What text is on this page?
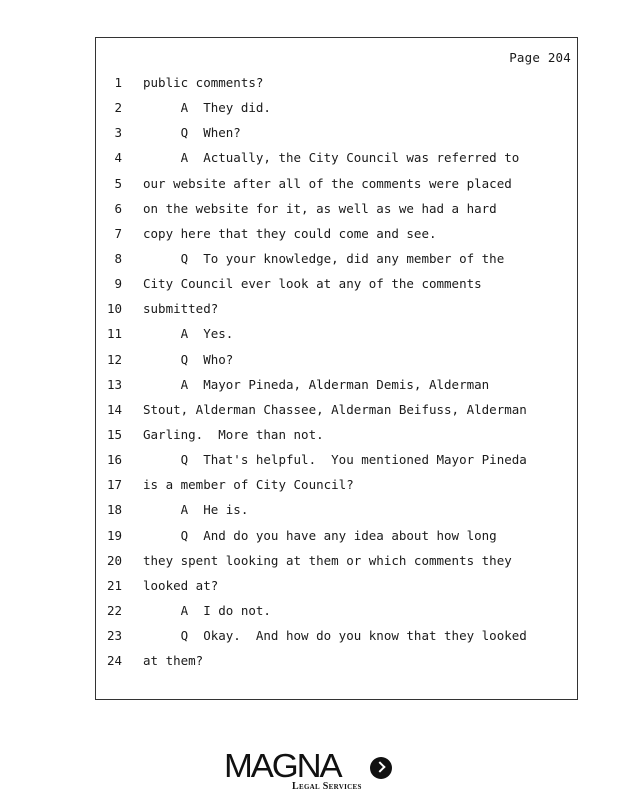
Page 204
1 public comments?
2 A  They did.
3 Q  When?
4 A  Actually, the City Council was referred to
5 our website after all of the comments were placed
6 on the website for it, as well as we had a hard
7 copy here that they could come and see.
8 Q  To your knowledge, did any member of the
9 City Council ever look at any of the comments
10 submitted?
11 A  Yes.
12 Q  Who?
13 A  Mayor Pineda, Alderman Demis, Alderman
14 Stout, Alderman Chassee, Alderman Beifuss, Alderman
15 Garling.  More than not.
16 Q  That's helpful.  You mentioned Mayor Pineda
17 is a member of City Council?
18 A  He is.
19 Q  And do you have any idea about how long
20 they spent looking at them or which comments they
21 looked at?
22 A  I do not.
23 Q  Okay.  And how do you know that they looked
24 at them?
MAGNA
Legal Services
